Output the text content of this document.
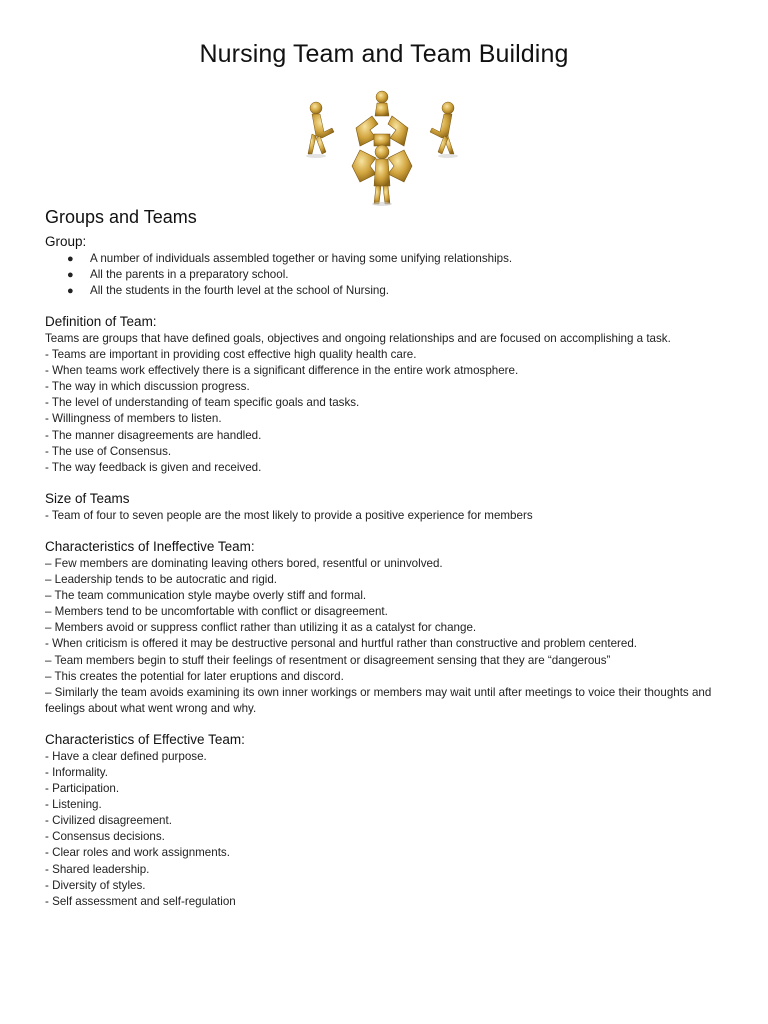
Nursing Team and Team Building
Groups and Teams
Group:
● A number of individuals assembled together or having some unifying relationships.
● All the parents in a preparatory school.
● All the students in the fourth level at the school of Nursing.
Definition of Team:

Teams are groups that have defined goals, objectives and ongoing relationships and are focused on accomplishing a task.

- Teams are important in providing cost effective high quality health care.
- When teams work effectively there is a significant difference in the entire work atmosphere.
- The way in which discussion progress.
- The level of understanding of team specific goals and tasks.
- Willingness of members to listen.
- The manner disagreements are handled.
- The use of Consensus.
- The way feedback is given and received.
Size of Teams
- Team of four to seven people are the most likely to provide a positive experience for members
Characteristics of Ineffective Team:
– Few members are dominating leaving others bored, resentful or uninvolved.
– Leadership tends to be autocratic and rigid.
– The team communication style maybe overly stiff and formal.
– Members tend to be uncomfortable with conflict or disagreement.
– Members avoid or suppress conflict rather than utilizing it as a catalyst for change.
- When criticism is offered it may be destructive personal and hurtful rather than constructive and problem centered.
– Team members begin to stuff their feelings of resentment or disagreement sensing that they are “dangerous”
– This creates the potential for later eruptions and discord.
– Similarly the team avoids examining its own inner workings or members may wait until after meetings to voice their thoughts and feelings about what went wrong and why.
Characteristics of Effective Team:
- Have a clear defined purpose.
- Informality.
- Participation.
- Listening.
- Civilized disagreement.
- Consensus decisions.
- Clear roles and work assignments.
- Shared leadership.
- Diversity of styles.
- Self assessment and self-regulation
